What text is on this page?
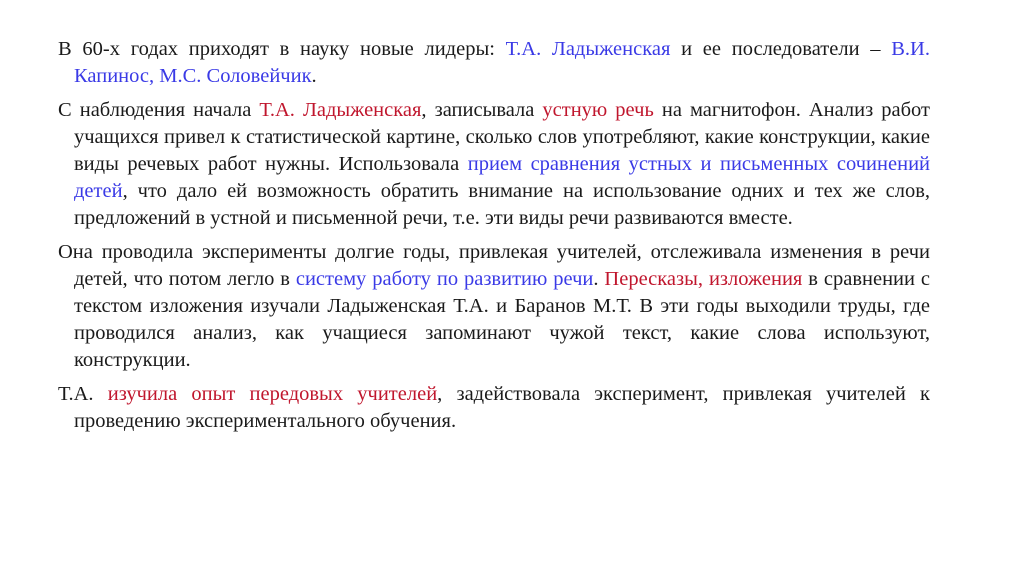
В 60-х годах приходят в науку новые лидеры: Т.А. Ладыженская и ее последователи – В.И. Капинос, М.С. Соловейчик.

С наблюдения начала Т.А. Ладыженская, записывала устную речь на магнитофон. Анализ работ учащихся привел к статистической картине, сколько слов употребляют, какие конструкции, какие виды речевых работ нужны. Использовала прием сравнения устных и письменных сочинений детей, что дало ей возможность обратить внимание на использование одних и тех же слов, предложений в устной и письменной речи, т.е. эти виды речи развиваются вместе.

Она проводила эксперименты долгие годы, привлекая учителей, отслеживала изменения в речи детей, что потом легло в систему работу по развитию речи. Пересказы, изложения в сравнении с текстом изложения изучали Ладыженская Т.А. и Баранов М.Т. В эти годы выходили труды, где проводился анализ, как учащиеся запоминают чужой текст, какие слова используют, конструкции.

Т.А. изучила опыт передовых учителей, задействовала эксперимент, привлекая учителей к проведению экспериментального обучения.
